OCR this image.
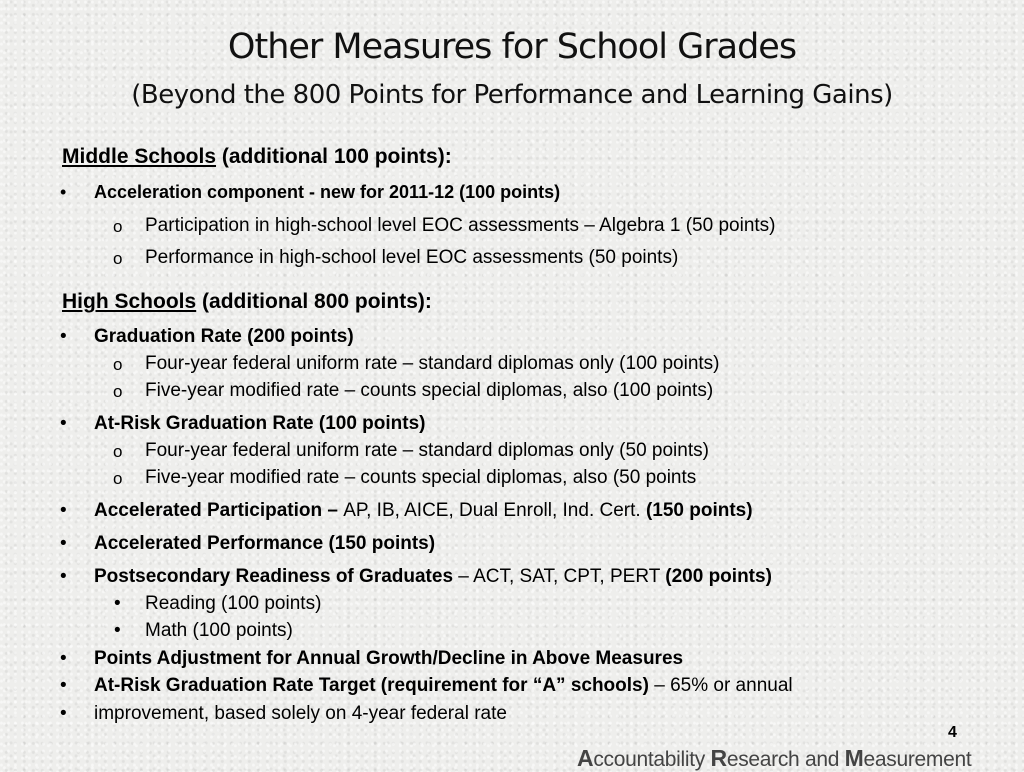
Other Measures for School Grades
(Beyond the 800 Points for Performance and Learning Gains)
Middle Schools (additional 100 points):
• Acceleration component - new for 2011-12 (100 points)
o Participation in high-school level EOC assessments – Algebra 1 (50 points)
o Performance in high-school level EOC assessments (50 points)
High Schools (additional 800 points):
• Graduation Rate (200 points)
o Four-year federal uniform rate – standard diplomas only (100 points)
o Five-year modified rate – counts special diplomas, also (100 points)
• At-Risk Graduation Rate (100 points)
o Four-year federal uniform rate – standard diplomas only (50 points)
o Five-year modified rate – counts special diplomas, also (50 points
• Accelerated Participation – AP, IB, AICE, Dual Enroll, Ind. Cert. (150 points)
• Accelerated Performance (150 points)
• Postsecondary Readiness of Graduates – ACT, SAT, CPT, PERT (200 points)
• Reading (100 points)
• Math (100 points)
• Points Adjustment for Annual Growth/Decline in Above Measures
• At-Risk Graduation Rate Target (requirement for “A” schools) – 65% or annual
• improvement, based solely on 4-year federal rate
4
Accountability Research and Measurement
